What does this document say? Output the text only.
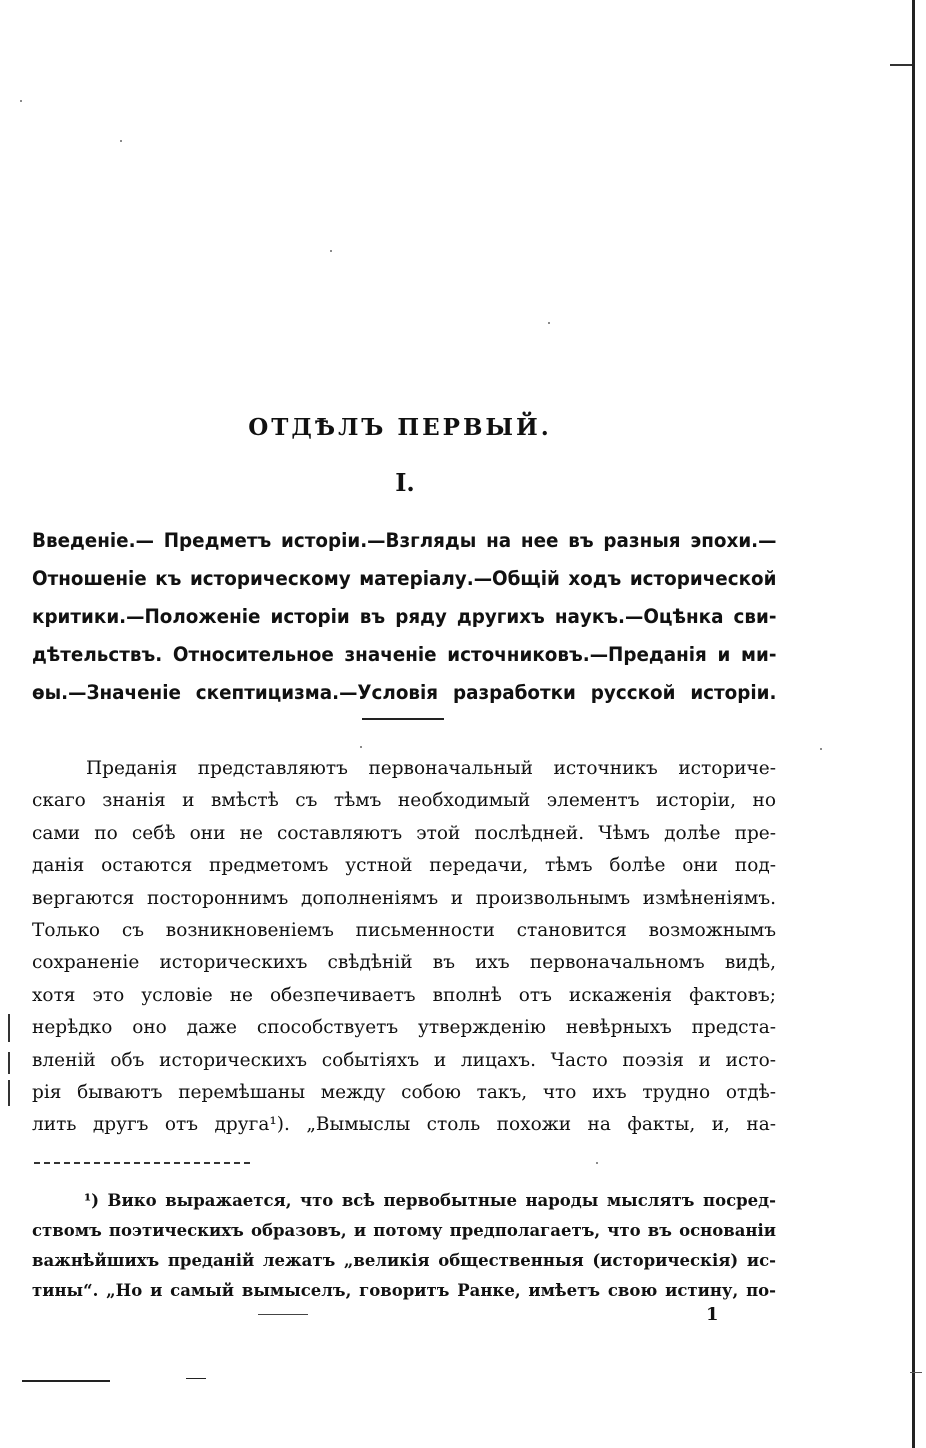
ОТДѢЛЪ ПЕРВЫЙ.
I.
Введеніе.— Предметъ исторіи.—Взгляды на нее въ разныя эпохи.—
Отношеніе къ историческому матеріалу.—Общій ходъ исторической
критики.—Положеніе исторіи въ ряду другихъ наукъ.—Оцѣнка сви-
дѣтельствъ. Относительное значеніе источниковъ.—Преданія и ми-
ѳы.—Значеніе скептицизма.—Условія разработки русской исторіи.
Преданія представляютъ первоначальный источникъ историче-
скаго знанія и вмѣстѣ съ тѣмъ необходимый элементъ исторіи, но
сами по себѣ они не составляютъ этой послѣдней. Чѣмъ долѣе пре-
данія остаются предметомъ устной передачи, тѣмъ болѣе они под-
вергаются постороннимъ дополненіямъ и произвольнымъ измѣненіямъ.
Только съ возникновеніемъ письменности становится возможнымъ
сохраненіе историческихъ свѣдѣній въ ихъ первоначальномъ видѣ,
хотя это условіе не обезпечиваетъ вполнѣ отъ искаженія фактовъ;
нерѣдко оно даже способствуетъ утвержденію невѣрныхъ предста-
вленій объ историческихъ событіяхъ и лицахъ. Часто поэзія и исто-
рія бываютъ перемѣшаны между собою такъ, что ихъ трудно отдѣ-
лить другъ отъ друга¹). „Вымыслы столь похожи на факты, и, на-
¹) Вико выражается, что всѣ первобытные народы мыслятъ посред-
ствомъ поэтическихъ образовъ, и потому предполагаетъ, что въ основаніи
важнѣйшихъ преданій лежатъ „великія общественныя (историческія) ис-
тины“. „Но и самый вымыселъ, говоритъ Ранке, имѣетъ свою истину, по-
1
